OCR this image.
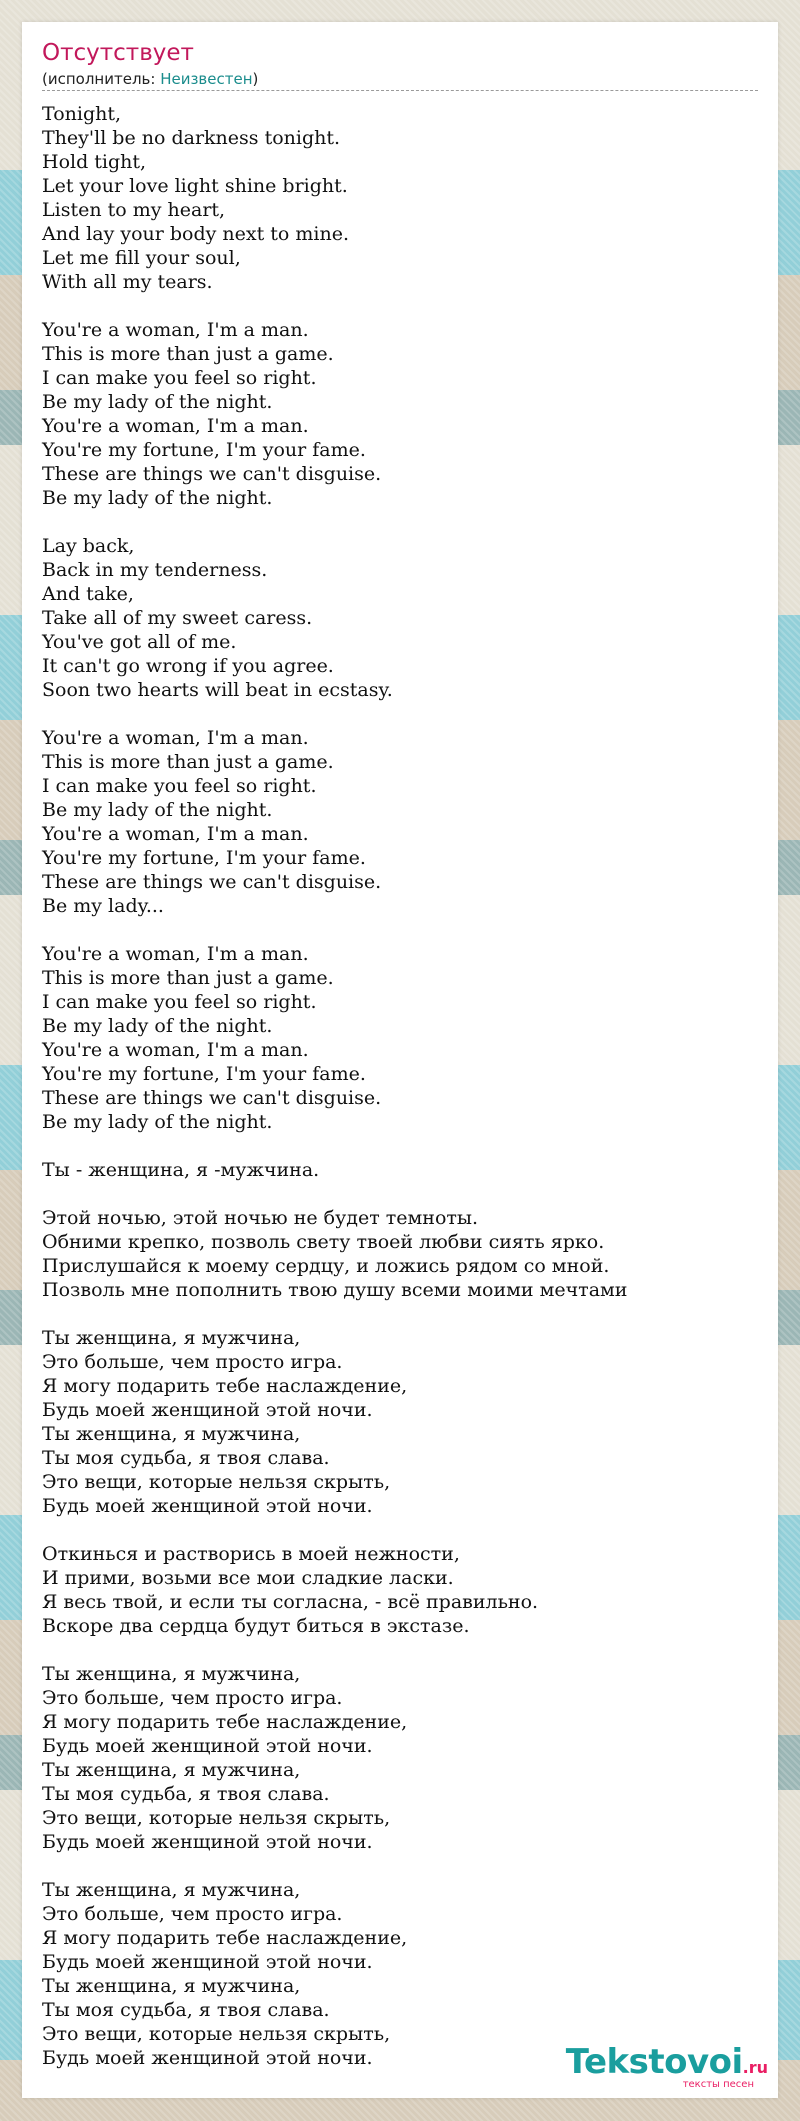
Отсутствует
(исполнитель: Неизвестен)
Tonight,
They'll be no darkness tonight.
Hold tight,
Let your love light shine bright.
Listen to my heart,
And lay your body next to mine.
Let me fill your soul,
With all my tears.
You're a woman, I'm a man.
This is more than just a game.
I can make you feel so right.
Be my lady of the night.
You're a woman, I'm a man.
You're my fortune, I'm your fame.
These are things we can't disguise.
Be my lady of the night.
Lay back,
Back in my tenderness.
And take,
Take all of my sweet caress.
You've got all of me.
It can't go wrong if you agree.
Soon two hearts will beat in ecstasy.
You're a woman, I'm a man.
This is more than just a game.
I can make you feel so right.
Be my lady of the night.
You're a woman, I'm a man.
You're my fortune, I'm your fame.
These are things we can't disguise.
Be my lady...
You're a woman, I'm a man.
This is more than just a game.
I can make you feel so right.
Be my lady of the night.
You're a woman, I'm a man.
You're my fortune, I'm your fame.
These are things we can't disguise.
Be my lady of the night.
Ты - женщина, я -мужчина.
Этой ночью, этой ночью не будет темноты.
Обними крепко, позволь свету твоей любви сиять ярко.
Прислушайся к моему сердцу, и ложись рядом со мной.
Позволь мне пополнить твою душу всеми моими мечтами
Ты женщина, я мужчина,
Это больше, чем просто игра.
Я могу подарить тебе наслаждение,
Будь моей женщиной этой ночи.
Ты женщина, я мужчина,
Ты моя судьба, я твоя слава.
Это вещи, которые нельзя скрыть,
Будь моей женщиной этой ночи.
Откинься и растворись в моей нежности,
И прими, возьми все мои сладкие ласки.
Я весь твой, и если ты согласна, - всё правильно.
Вскоре два сердца будут биться в экстазе.
Ты женщина, я мужчина,
Это больше, чем просто игра.
Я могу подарить тебе наслаждение,
Будь моей женщиной этой ночи.
Ты женщина, я мужчина,
Ты моя судьба, я твоя слава.
Это вещи, которые нельзя скрыть,
Будь моей женщиной этой ночи.
Ты женщина, я мужчина,
Это больше, чем просто игра.
Я могу подарить тебе наслаждение,
Будь моей женщиной этой ночи.
Ты женщина, я мужчина,
Ты моя судьба, я твоя слава.
Это вещи, которые нельзя скрыть,
Будь моей женщиной этой ночи.	Tekstovoi.ru
тексты песен
